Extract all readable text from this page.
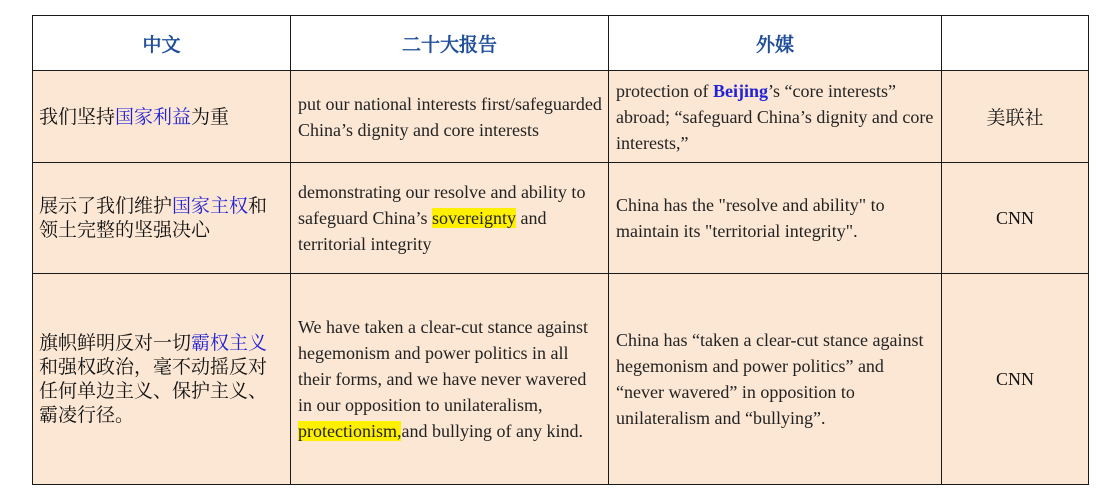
中文	二十大报告	外媒	
我们坚持国家利益为重	put our national interests first/safeguarded China’s dignity and core interests	protection of Beijing’s “core interests” abroad; “safeguard China’s dignity and core interests,”	美联社
展示了我们维护国家主权和领土完整的坚强决心	demonstrating our resolve and ability to safeguard China’s sovereignty and territorial integrity	China has the "resolve and ability" to maintain its "territorial integrity".	CNN
旗帜鲜明反对一切霸权主义和强权政治，毫不动摇反对任何单边主义、保护主义、霸凌行径。	We have taken a clear-cut stance against hegemonism and power politics in all their forms, and we have never wavered in our opposition to unilateralism, protectionism,and bullying of any kind.	China has “taken a clear-cut stance against hegemonism and power politics” and “never wavered” in opposition to unilateralism and “bullying”.	CNN
